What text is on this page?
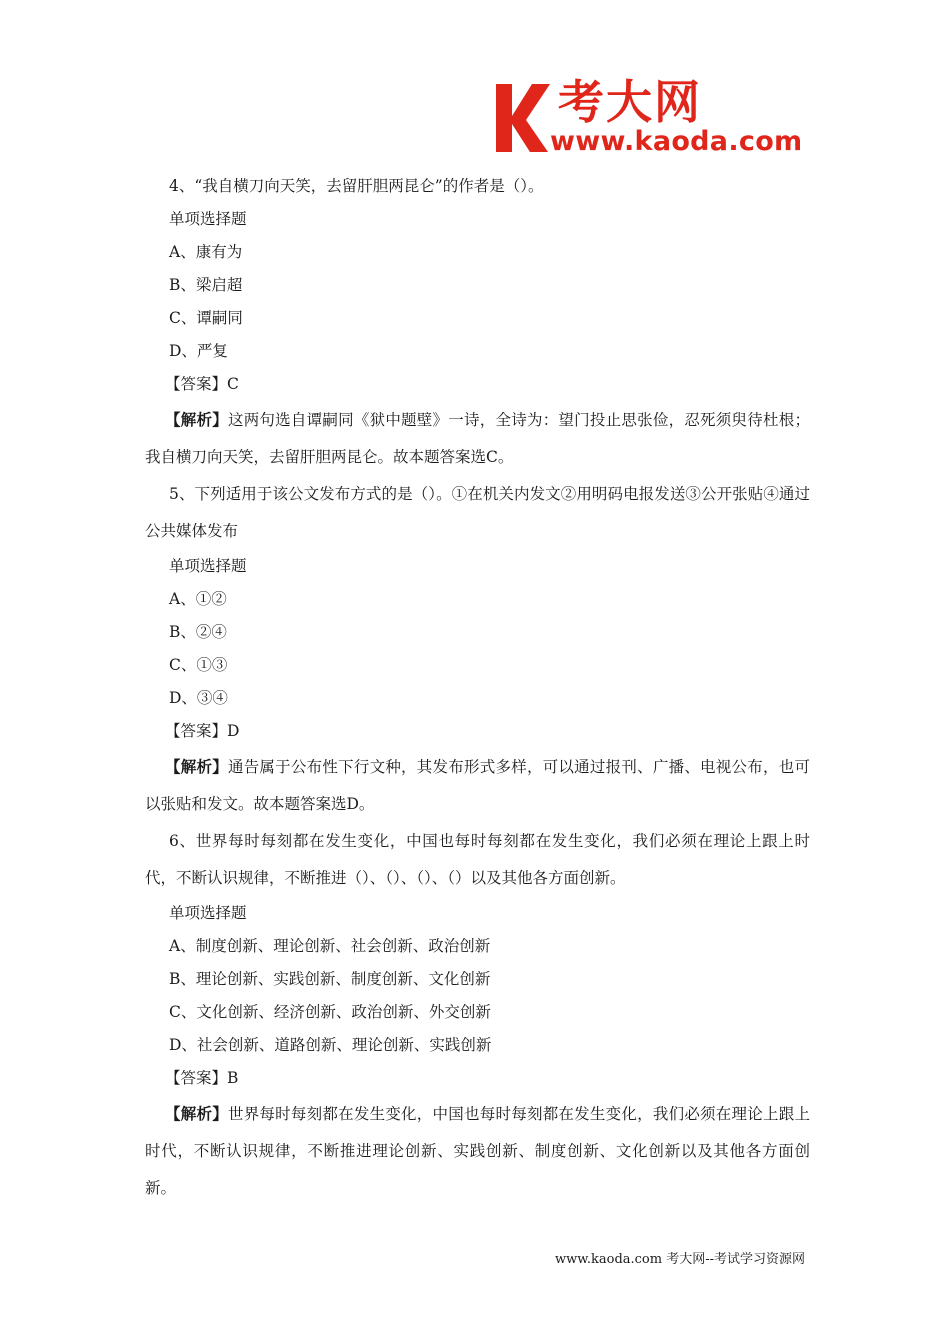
考大网
www.kaoda.com
4、“我自横刀向天笑，去留肝胆两昆仑”的作者是（）。
单项选择题
A、康有为
B、梁启超
C、谭嗣同
D、严复
【答案】C
【解析】这两句选自谭嗣同《狱中题壁》一诗，全诗为：望门投止思张俭，忍死须臾待杜根；我自横刀向天笑，去留肝胆两昆仑。故本题答案选C。
5、下列适用于该公文发布方式的是（）。①在机关内发文②用明码电报发送③公开张贴④通过公共媒体发布
单项选择题
A、①②
B、②④
C、①③
D、③④
【答案】D
【解析】通告属于公布性下行文种，其发布形式多样，可以通过报刊、广播、电视公布，也可以张贴和发文。故本题答案选D。
6、世界每时每刻都在发生变化，中国也每时每刻都在发生变化，我们必须在理论上跟上时代，不断认识规律，不断推进（）、（）、（）、（）以及其他各方面创新。
单项选择题
A、制度创新、理论创新、社会创新、政治创新
B、理论创新、实践创新、制度创新、文化创新
C、文化创新、经济创新、政治创新、外交创新
D、社会创新、道路创新、理论创新、实践创新
【答案】B
【解析】世界每时每刻都在发生变化，中国也每时每刻都在发生变化，我们必须在理论上跟上时代，不断认识规律，不断推进理论创新、实践创新、制度创新、文化创新以及其他各方面创新。
www.kaoda.com 考大网--考试学习资源网
